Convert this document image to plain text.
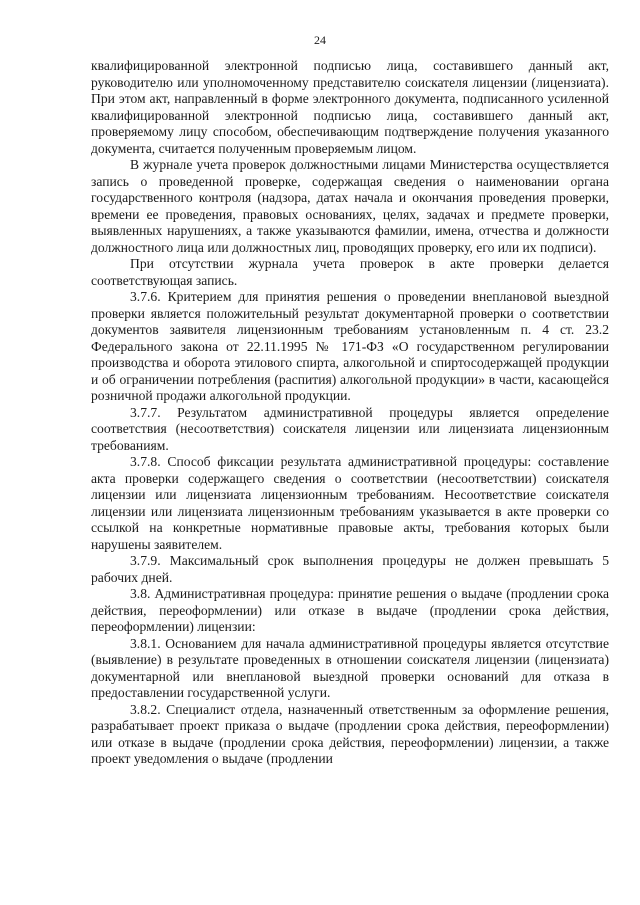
24

квалифицированной электронной подписью лица, составившего данный акт, руководителю или уполномоченному представителю соискателя лицензии (лицензиата). При этом акт, направленный в форме электронного документа, подписанного усиленной квалифицированной электронной подписью лица, составившего данный акт, проверяемому лицу способом, обеспечивающим подтверждение получения указанного документа, считается полученным проверяемым лицом.

В журнале учета проверок должностными лицами Министерства осуществляется запись о проведенной проверке, содержащая сведения о наименовании органа государственного контроля (надзора, датах начала и окончания проведения проверки, времени ее проведения, правовых основаниях, целях, задачах и предмете проверки, выявленных нарушениях, а также указываются фамилии, имена, отчества и должности должностного лица или должностных лиц, проводящих проверку, его или их подписи).

При отсутствии журнала учета проверок в акте проверки делается соответствующая запись.

3.7.6. Критерием для принятия решения о проведении внеплановой выездной проверки является положительный результат документарной проверки о соответствии документов заявителя лицензионным требованиям установленным п. 4 ст. 23.2 Федерального закона от 22.11.1995 № 171-ФЗ «О государственном регулировании производства и оборота этилового спирта, алкогольной и спиртосодержащей продукции и об ограничении потребления (распития) алкогольной продукции» в части, касающейся розничной продажи алкогольной продукции.

3.7.7. Результатом административной процедуры является определение соответствия (несоответствия) соискателя лицензии или лицензиата лицензионным требованиям.

3.7.8. Способ фиксации результата административной процедуры: составление акта проверки содержащего сведения о соответствии (несоответствии) соискателя лицензии или лицензиата лицензионным требованиям. Несоответствие соискателя лицензии или лицензиата лицензионным требованиям указывается в акте проверки со ссылкой на конкретные нормативные правовые акты, требования которых были нарушены заявителем.

3.7.9. Максимальный срок выполнения процедуры не должен превышать 5 рабочих дней.

3.8. Административная процедура: принятие решения о выдаче (продлении срока действия, переоформлении) или отказе в выдаче (продлении срока действия, переоформлении) лицензии:

3.8.1. Основанием для начала административной процедуры является отсутствие (выявление) в результате проведенных в отношении соискателя лицензии (лицензиата) документарной или внеплановой выездной проверки оснований для отказа в предоставлении государственной услуги.

3.8.2. Специалист отдела, назначенный ответственным за оформление решения, разрабатывает проект приказа о выдаче (продлении срока действия, переоформлении) или отказе в выдаче (продлении срока действия, переоформлении) лицензии, а также проект уведомления о выдаче (продлении
